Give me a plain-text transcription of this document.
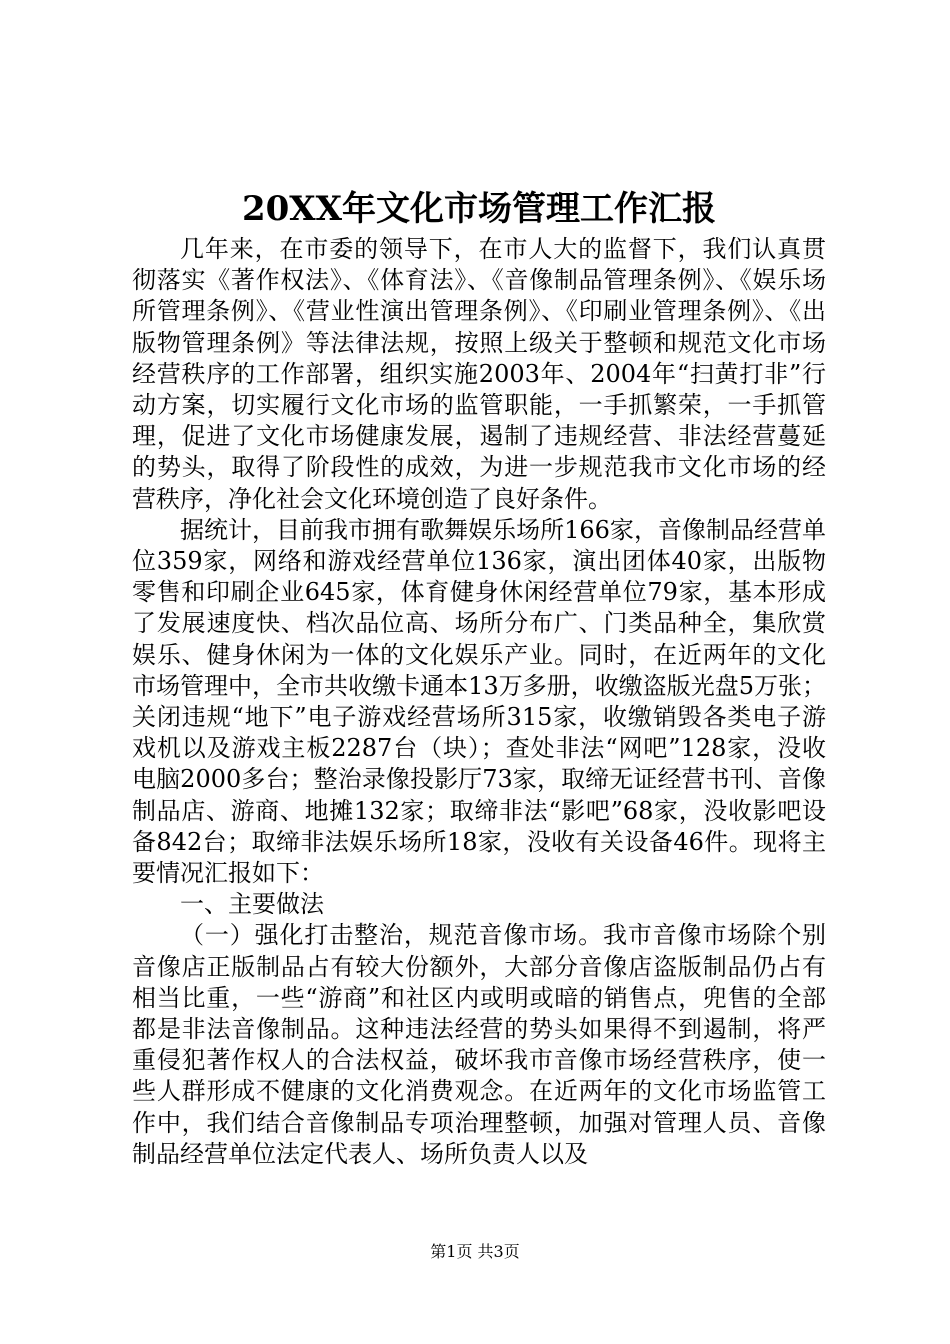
20XX年文化市场管理工作汇报

几年来，在市委的领导下，在市人大的监督下，我们认真贯彻落实《著作权法》、《体育法》、《音像制品管理条例》、《娱乐场所管理条例》、《营业性演出管理条例》、《印刷业管理条例》、《出版物管理条例》等法律法规，按照上级关于整顿和规范文化市场经营秩序的工作部署，组织实施2003年、2004年“扫黄打非”行动方案，切实履行文化市场的监管职能，一手抓繁荣，一手抓管理，促进了文化市场健康发展，遏制了违规经营、非法经营蔓延的势头，取得了阶段性的成效，为进一步规范我市文化市场的经营秩序，净化社会文化环境创造了良好条件。

据统计，目前我市拥有歌舞娱乐场所166家，音像制品经营单位359家，网络和游戏经营单位136家，演出团体40家，出版物零售和印刷企业645家，体育健身休闲经营单位79家，基本形成了发展速度快、档次品位高、场所分布广、门类品种全，集欣赏娱乐、健身休闲为一体的文化娱乐产业。同时，在近两年的文化市场管理中，全市共收缴卡通本13万多册，收缴盗版光盘5万张；关闭违规“地下”电子游戏经营场所315家，收缴销毁各类电子游戏机以及游戏主板2287台（块）；查处非法“网吧”128家，没收电脑2000多台；整治录像投影厅73家，取缔无证经营书刊、音像制品店、游商、地摊132家；取缔非法“影吧”68家，没收影吧设备842台；取缔非法娱乐场所18家，没收有关设备46件。现将主要情况汇报如下：

一、主要做法

（一）强化打击整治，规范音像市场。我市音像市场除个别音像店正版制品占有较大份额外，大部分音像店盗版制品仍占有相当比重，一些“游商”和社区内或明或暗的销售点，兜售的全部都是非法音像制品。这种违法经营的势头如果得不到遏制，将严重侵犯著作权人的合法权益，破坏我市音像市场经营秩序，使一些人群形成不健康的文化消费观念。在近两年的文化市场监管工作中，我们结合音像制品专项治理整顿，加强对管理人员、音像制品经营单位法定代表人、场所负责人以及

第1页 共3页
